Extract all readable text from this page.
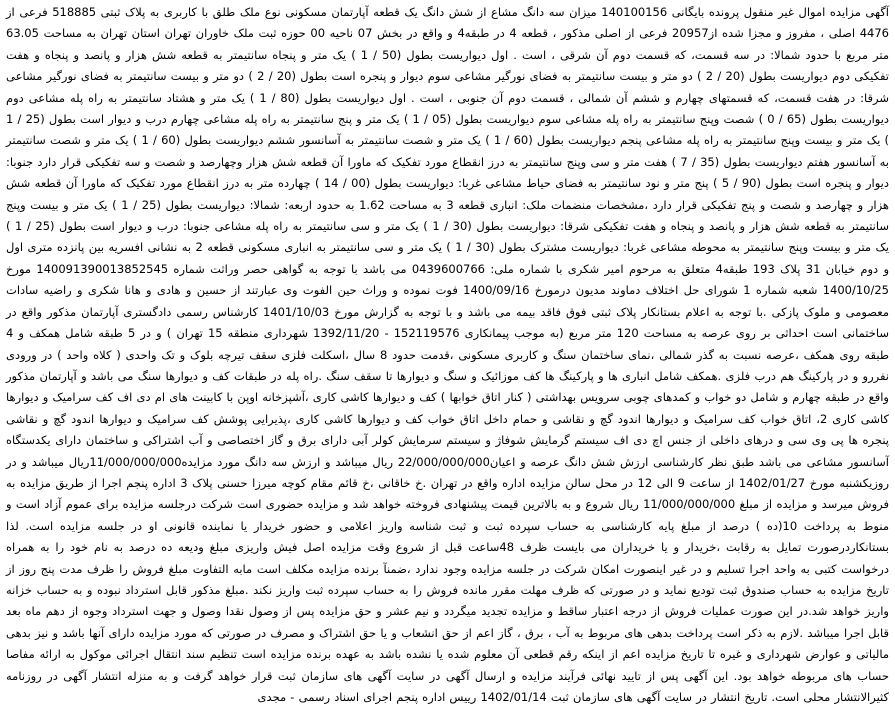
آگهی مزایده اموال غیر منقول پرونده بایگانی 140100156 میزان سه دانگ مشاع از شش دانگ یک قطعه آپارتمان مسکونی نوع ملک طلق با کاربری به پلاک ثبتی 518885 فرعی از 4476 اصلی ، مفروز و مجزا شده از20957 فرعی از اصلی مذکور ، قطعه 4 در طبقه4 و واقع در بخش 07 ناحیه 00 حوزه ثبت ملک خاوران تهران استان تهران به مساحت 63.05 متر مربع با حدود شمالا: در سه قسمت، که قسمت دوم آن شرقی ، است . اول دیواریست بطول (50 / 1 ) یک متر و پنجاه سانتیمتر به قطعه شش هزار و پانصد و پنجاه و هفت تفکیکی دوم دیواریست بطول (20 / 2 ) دو متر و بیست سانتیمتر به فضای نورگیر مشاعی سوم دیوار و پنجره است بطول (20 / 2 ) دو متر و بیست سانتیمتر به فضای نورگیر مشاعی شرقا: در هفت قسمت، که قسمتهای چهارم و ششم آن شمالی ، قسمت دوم آن جنوبی ، است . اول دیواریست بطول (80 / 1 ) یک متر و هشتاد سانتیمتر به راه پله مشاعی دوم دیواریست بطول (65 / 0 ) شصت وپنج سانتیمتر به راه پله مشاعی سوم دیواریست بطول (05 / 1 ) یک متر و پنج سانتیمتر به راه پله مشاعی چهارم درب و دیوار است بطول (25 / 1 ) یک متر و بیست وپنج سانتیمتر به راه پله مشاعی پنجم دیواریست بطول (60 / 1 ) یک متر و شصت سانتیمتر به آسانسور ششم دیواریست بطول (60 / 1 ) یک متر و شصت سانتیمتر به آسانسور هفتم دیواریست بطول (35 / 7 ) هفت متر و سی وپنج سانتیمتر به درز انقطاع مورد تفکیک که ماورا آن قطعه شش هزار وچهارصد و شصت و سه تفکیکی قرار دارد جنوبا: دیوار و پنجره است بطول (90 / 5 ) پنج متر و نود سانتیمتر به فضای حیاط مشاعی غربا: دیواریست بطول (00 / 14 ) چهارده متر به درز انقطاع مورد تفکیک که ماورا آن قطعه شش هزار و چهارصد و شصت و پنج تفکیکی قرار دارد ،مشخصات منضمات ملک: انباری قطعه 3 به مساحت 1.62 به حدود اربعه: شمالا: دیواریست بطول (25 / 1 ) یک متر و بیست وپنج سانتیمتر به قطعه شش هزار و پانصد و پنجاه و هفت تفکیکی شرقا: دیواریست بطول (30 / 1 ) یک متر و سی سانتیمتر به راه پله مشاعی جنوبا: درب و دیوار است بطول (25 / 1 ) یک متر و بیست وپنج سانتیمتر به محوطه مشاعی غربا: دیواریست مشترک بطول (30 / 1 ) یک متر و سی سانتیمتر به انباری مسکونی قطعه 2 به نشانی افسریه بین پانزده متری اول و دوم خیابان 31 پلاک 193 طبقه4 متعلق به مرحوم امیر شکری با شماره ملی: 0439600766 می باشد با توجه به گواهی حصر وراثت شماره 140091390013852545 مورخ 1400/10/25 شعبه شماره 1 شورای حل اختلاف دماوند مدیون درمورخ 1400/09/16 فوت نموده و وراث حین الفوت وی عبارتند از حسین و هادی و هانا شکری و راضیه سادات معصومی و ملوک پازکی .با توجه به اعلام بستانکار پلاک ثبتی فوق فاقد بیمه می باشد و با توجه به گزارش مورخ 1401/10/03 کارشناس رسمی دادگستری آپارتمان مذکور واقع در ساختمانی است احداثی بر روی عرصه به مساحت 120 متر مربع (به موجب پیمانکاری 152119576 - 1392/11/20 شهرداری منطقه 15 تهران ) و در 5 طبقه شامل همکف و 4 طبقه روی همکف ،عرصه نسبت به گذر شمالی ،نمای ساختمان سنگ و کاربری مسکونی ،قدمت حدود 8 سال ،اسکلت فلزی سقف تیرچه بلوک و تک واحدی ( کلاه واحد ) در ورودی نفررو و در پارکینگ هم درب فلزی .همکف شامل انباری ها و پارکینگ ها کف موزائیک و سنگ و دیوارها تا سقف سنگ .راه پله در طبقات کف و دیوارها سنگ می باشد و آپارتمان مذکور واقع در طبقه چهارم و شامل دو خواب و کمدهای چوبی سرویس بهداشتی ( کنار اتاق خوابها ) کف و دیوارها کاشی کاری ،آشپزخانه اوپن با کابینت های ام دی اف کف سرامیک و دیوارها کاشی کاری 2، اتاق خواب کف سرامیک و دیوارها اندود گچ و نقاشی و حمام داخل اتاق خواب کف و دیوارها کاشی کاری ،پذیرایی پوشش کف سرامیک و دیوارها اندود گچ و نقاشی پنجره ها پی وی سی و درهای داخلی از جنس اچ دی اف سیستم گرمایش شوفاژ و سیستم سرمایش کولر آبی دارای برق و گاز اختصاصی و آب اشتراکی و ساختمان دارای یکدستگاه آسانسور مشاعی می باشد طبق نظر کارشناسی ارزش شش دانگ عرصه و اعیان22/000/000/000 ریال میباشد و ارزش سه دانگ مورد مزایده11/000/000/000ریال میباشد و در روزیکشنبه مورخ 1402/01/27 از ساعت 9 الی 12 در محل سالن مزایده اداره واقع در تهران .خ خاقانی ،خ قائم مقام کوچه میرزا حسنی پلاک 3 اداره پنجم اجرا از طریق مزایده به فروش میرسد و مزایده از مبلغ 11/000/000/000 ریال شروع و به بالاترین قیمت پیشنهادی فروخته خواهد شد و مزایده حضوری است شرکت درجلسه مزایده برای عموم آزاد است و منوط به پرداخت 10(ده ) درصد از مبلغ پایه کارشناسی به حساب سپرده ثبت و ثبت شناسه واریز اعلامی و حضور خریدار یا نماینده قانونی او در جلسه مزایده است. لذا بستانکاردرصورت تمایل به رقابت ،خریدار و یا خریداران می بایست ظرف 48ساعت قبل از شروع وقت مزایده اصل فیش واریزی مبلغ ودیعه ده درصد به نام خود را به همراه درخواست کتبی به واحد اجرا تسلیم و در غیر اینصورت امکان شرکت در جلسه مزایده وجود ندارد ،ضمنآ برنده مزایده مکلف است مابه التفاوت مبلغ فروش را ظرف مدت پنج روز از تاریخ مزایده به حساب صندوق ثبت تودیع نماید و در صورتی که ظرف مهلت مقرر مانده فروش را به حساب سپرده ثبت واریز نکند .مبلغ مذکور قابل استرداد نبوده و به حساب خزانه واریز خواهد شد.در این صورت عملیات فروش از درجه اعتبار ساقط و مزایده تجدید میگردد و نیم عشر و حق مزایده پس از وصول نقدا وصول و جهت استرداد وجوه از دهم ماه بعد قابل اجرا میباشد .لازم به ذکر است پرداخت بدهی های مربوط به آب ، برق ، گاز اعم از حق انشعاب و یا حق اشتراک و مصرف در صورتی که مورد مزایده دارای آنها باشد و نیز بدهی مالیاتی و عوارض شهرداری و غیره تا تاریخ مزایده اعم از اینکه رقم قطعی آن معلوم شده یا نشده باشد به عهده برنده مزایده است تنظیم سند انتقال اجرائی موکول به ارائه مفاصا حساب های مربوطه خواهد بود. این آگهی پس از تایید نهائی فرآیند مزایده و ارسال آگهی در سایت آگهی های سازمان ثبت قرار خواهد گرفت و به منزله انتشار آگهی در روزنامه کثیرالانتشار محلی است. تاریخ انتشار در سایت آگهی های سازمان ثبت 1402/01/14 رییس اداره پنجم اجرای اسناد رسمی - مجدی
